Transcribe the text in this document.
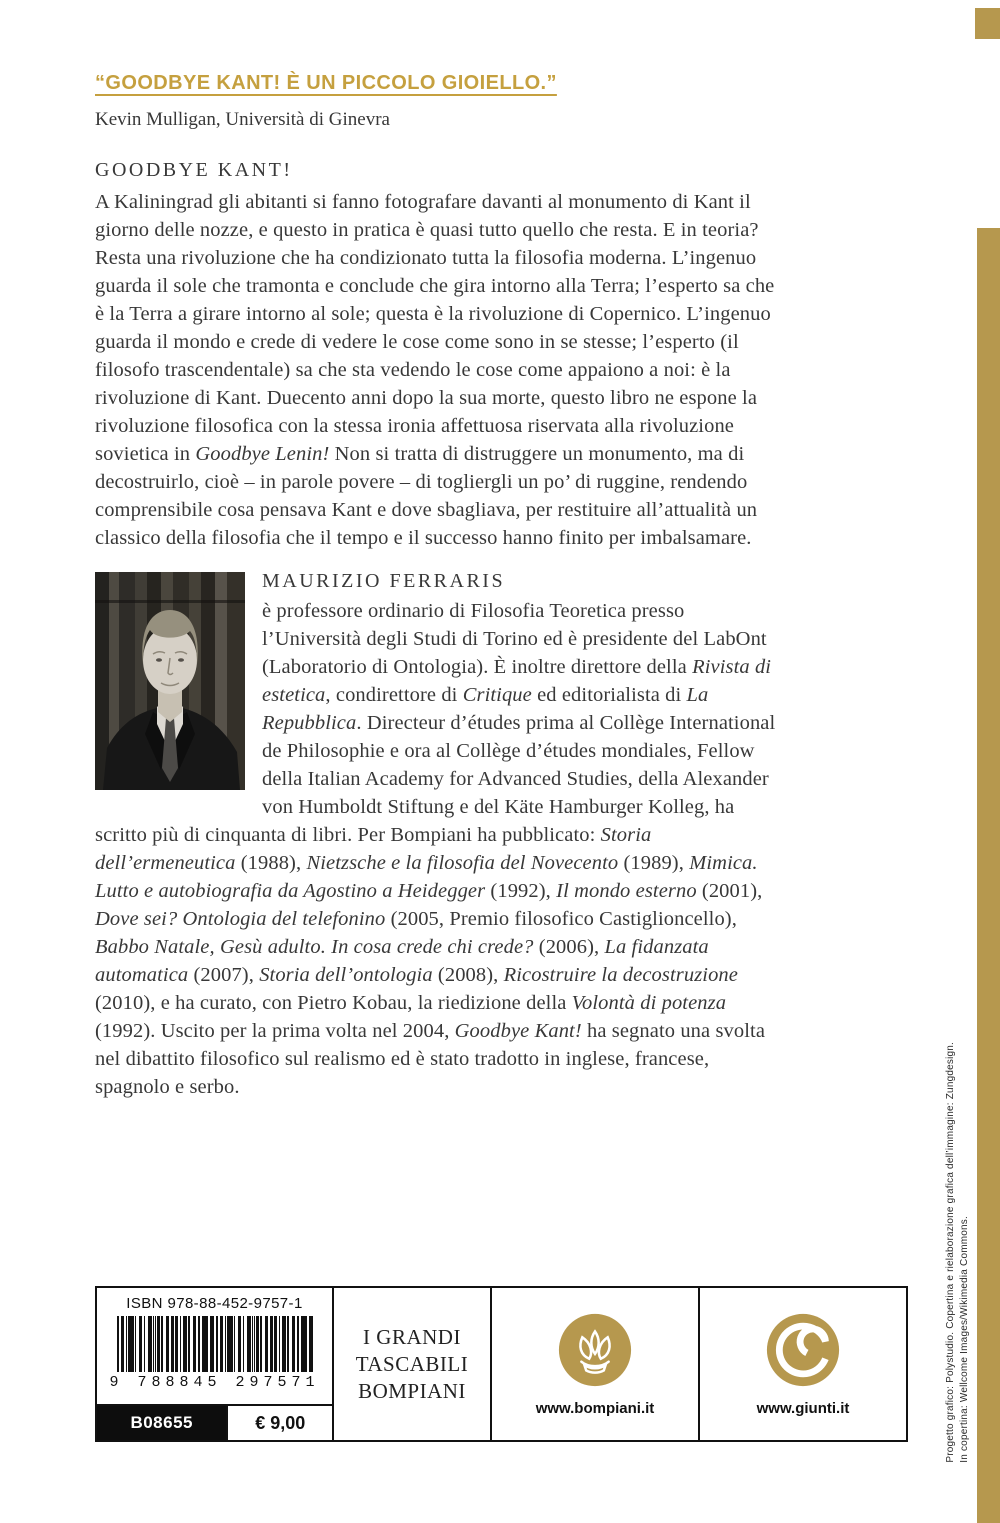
In copertina: Wellcome Images/Wikimedia Commons.
Progetto grafico: Polystudio. Copertina e rielaborazione grafica dell’immagine: Zungdesign.
“GOODBYE KANT! È UN PICCOLO GIOIELLO.”
Kevin Mulligan, Università di Ginevra
GOODBYE KANT!

A Kaliningrad gli abitanti si fanno fotografare davanti al monumento di Kant il giorno delle nozze, e questo in pratica è quasi tutto quello che resta. E in teoria? Resta una rivoluzione che ha condizionato tutta la filosofia moderna. L’ingenuo guarda il sole che tramonta e conclude che gira intorno alla Terra; l’esperto sa che è la Terra a girare intorno al sole; questa è la rivoluzione di Copernico. L’ingenuo guarda il mondo e crede di vedere le cose come sono in se stesse; l’esperto (il filosofo trascendentale) sa che sta vedendo le cose come appaiono a noi: è la rivoluzione di Kant. Duecento anni dopo la sua morte, questo libro ne espone la rivoluzione filosofica con la stessa ironia affettuosa riservata alla rivoluzione sovietica in Goodbye Lenin! Non si tratta di distruggere un monumento, ma di decostruirlo, cioè – in parole povere – di togliergli un po’ di ruggine, rendendo comprensibile cosa pensava Kant e dove sbagliava, per restituire all’attualità un classico della filosofia che il tempo e il successo hanno finito per imbalsamare.

MAURIZIO FERRARIS

è professore ordinario di Filosofia Teoretica presso l’Università degli Studi di Torino ed è presidente del LabOnt (Laboratorio di Ontologia). È inoltre direttore della Rivista di estetica, condirettore di Critique ed editorialista di La Repubblica. Directeur d’études prima al Collège International de Philosophie e ora al Collège d’études mondiales, Fellow della Italian Academy for Advanced Studies, della Alexander von Humboldt Stiftung e del Käte Hamburger Kolleg, ha scritto più di cinquanta di libri. Per Bompiani ha pubblicato: Storia dell’ermeneutica (1988), Nietzsche e la filosofia del Novecento (1989), Mimica. Lutto e autobiografia da Agostino a Heidegger (1992), Il mondo esterno (2001), Dove sei? Ontologia del telefonino (2005, Premio filosofico Castiglioncello), Babbo Natale, Gesù adulto. In cosa crede chi crede? (2006), La fidanzata automatica (2007), Storia dell’ontologia (2008), Ricostruire la decostruzione (2010), e ha curato, con Pietro Kobau, la riedizione della Volontà di potenza (1992). Uscito per la prima volta nel 2004, Goodbye Kant! ha segnato una svolta nel dibattito filosofico sul realismo ed è stato tradotto in inglese, francese, spagnolo e serbo.

ISBN 978-88-452-9757-1
9 788845 297571
B08655	€ 9,00
I GRANDI
TASCABILI
BOMPIANI
www.bompiani.it	www.giunti.it
